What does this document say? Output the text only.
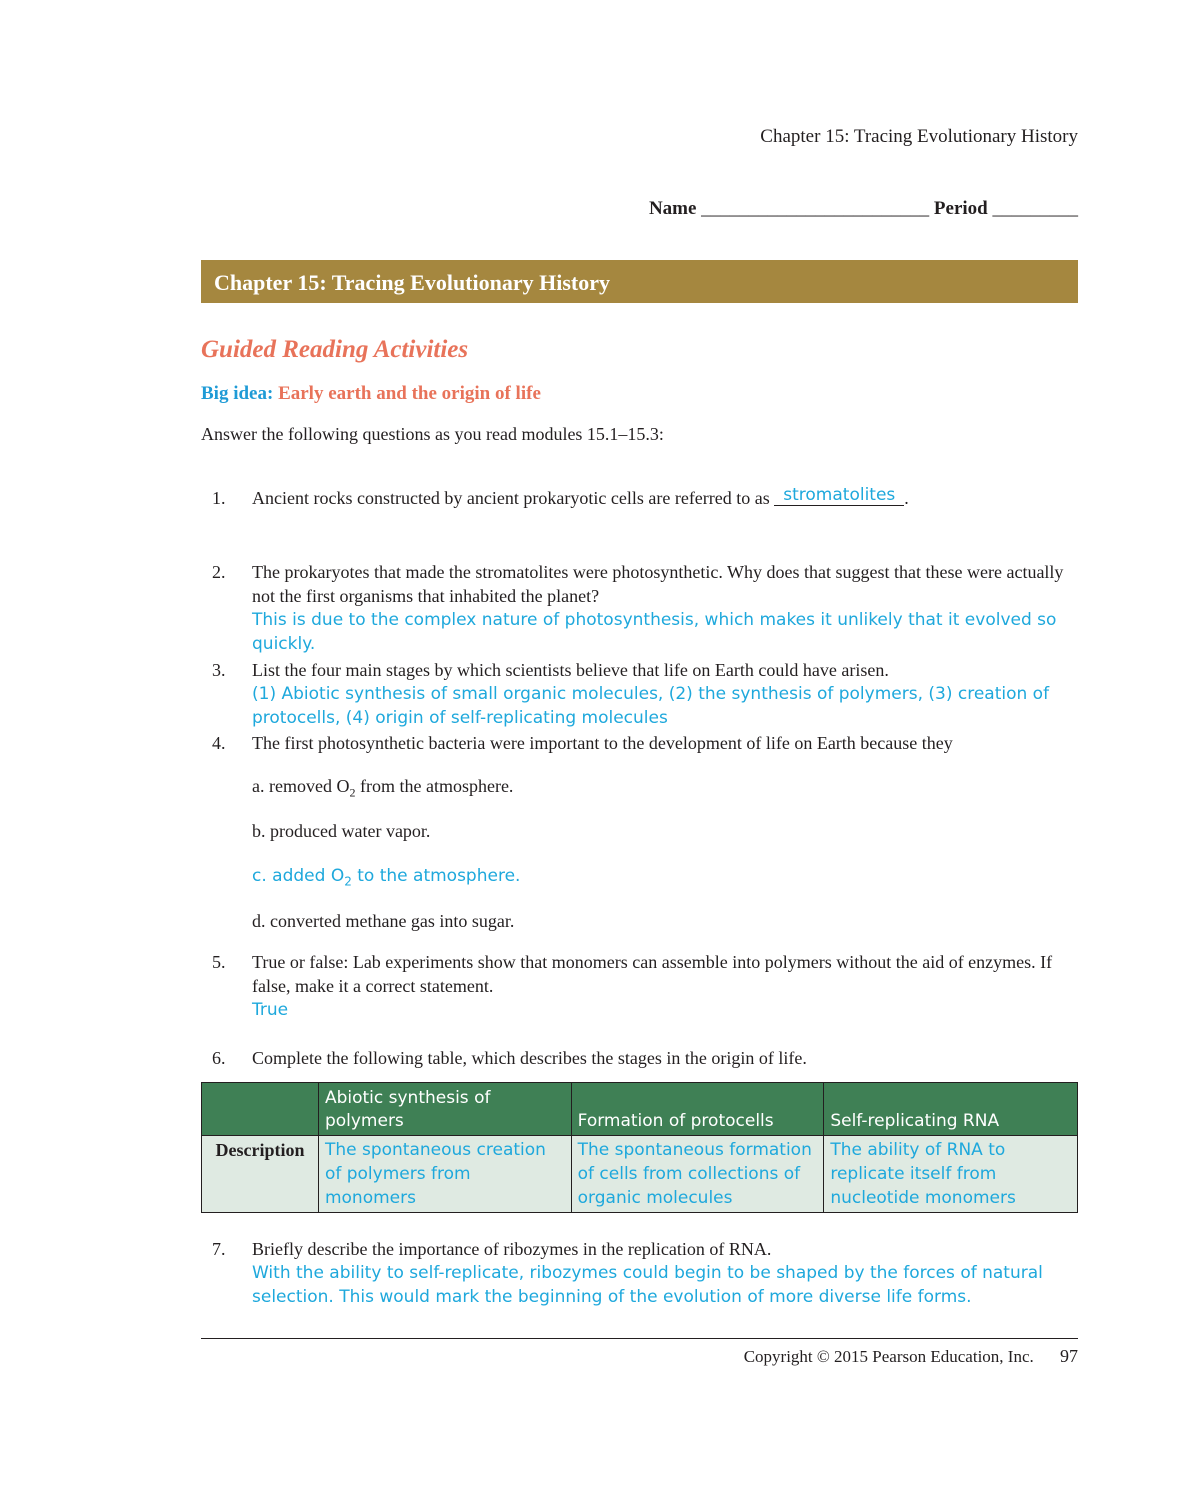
Chapter 15: Tracing Evolutionary History
Name ________________________ Period _________
Chapter 15: Tracing Evolutionary History
Guided Reading Activities
Big idea: Early earth and the origin of life
Answer the following questions as you read modules 15.1–15.3:
1.	Ancient rocks constructed by ancient prokaryotic cells are referred to as stromatolites .
2.	The prokaryotes that made the stromatolites were photosynthetic. Why does that suggest that these were actually not the first organisms that inhabited the planet?
This is due to the complex nature of photosynthesis, which makes it unlikely that it evolved so quickly.
3.	List the four main stages by which scientists believe that life on Earth could have arisen.
(1) Abiotic synthesis of small organic molecules, (2) the synthesis of polymers, (3) creation of protocells, (4) origin of self-replicating molecules
4.	The first photosynthetic bacteria were important to the development of life on Earth because they
a. removed $O_2$ from the atmosphere.
b. produced water vapor.
c. added $O_2$ to the atmosphere.
d. converted methane gas into sugar.
5.	True or false: Lab experiments show that monomers can assemble into polymers without the aid of enzymes. If false, make it a correct statement.
True
6.	Complete the following table, which describes the stages in the origin of life.
	Abiotic synthesis of polymers	Formation of protocells	Self-replicating RNA
Description	The spontaneous creation of polymers from monomers	The spontaneous formation of cells from collections of organic molecules	The ability of RNA to replicate itself from nucleotide monomers
7.	Briefly describe the importance of ribozymes in the replication of RNA.
With the ability to self-replicate, ribozymes could begin to be shaped by the forces of natural selection. This would mark the beginning of the evolution of more diverse life forms.
Copyright © 2015 Pearson Education, Inc. 97
